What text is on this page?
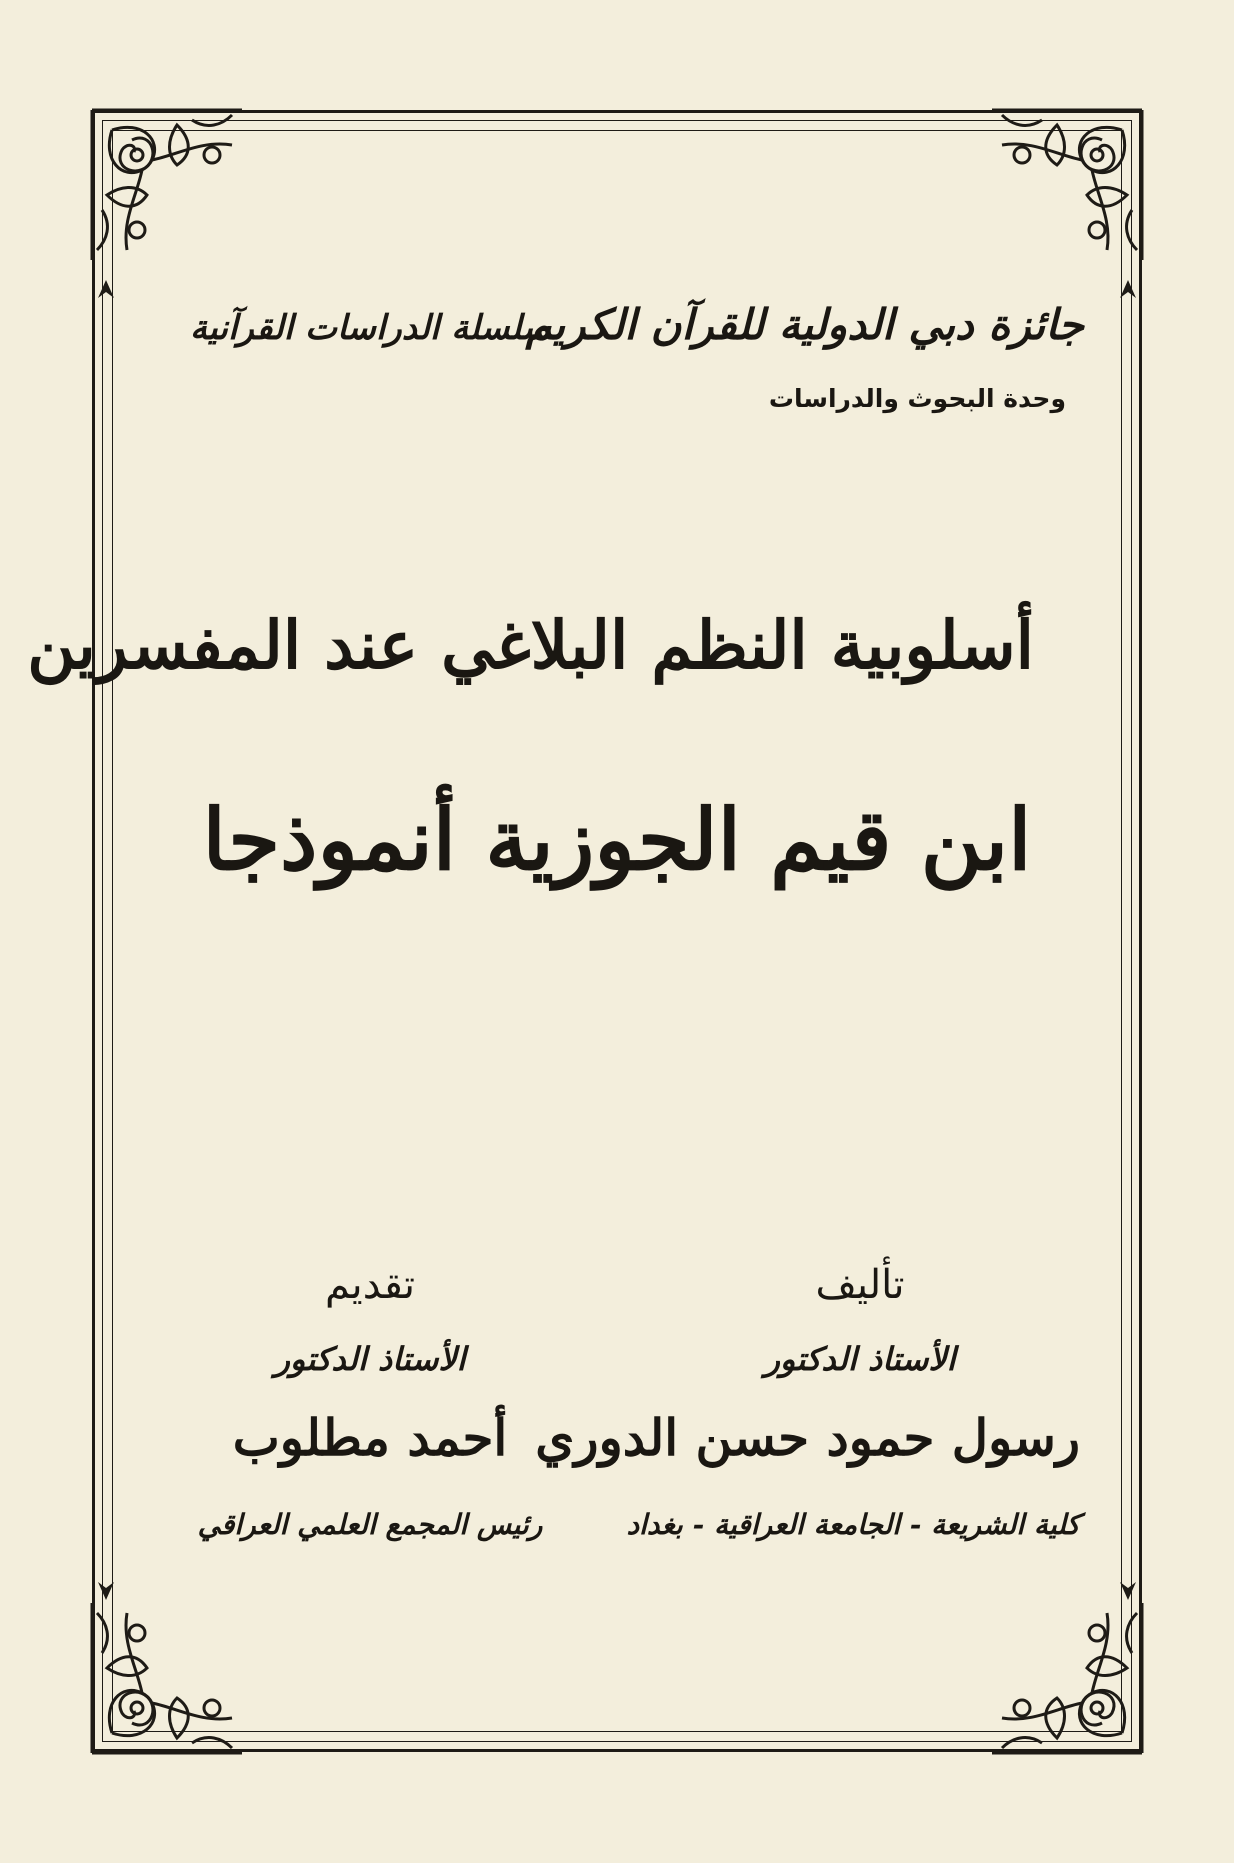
جائزة دبي الدولية للقرآن الكريم
وحدة البحوث والدراسات
سلسلة الدراسات القرآنية
أسلوبية النظم البلاغي عند المفسرين
ابن قيم الجوزية أنموذجا
تأليف
الأستاذ الدكتور
رسول حمود حسن الدوري
كلية الشريعة - الجامعة العراقية - بغداد
تقديم
الأستاذ الدكتور
أحمد مطلوب
رئيس المجمع العلمي العراقي
